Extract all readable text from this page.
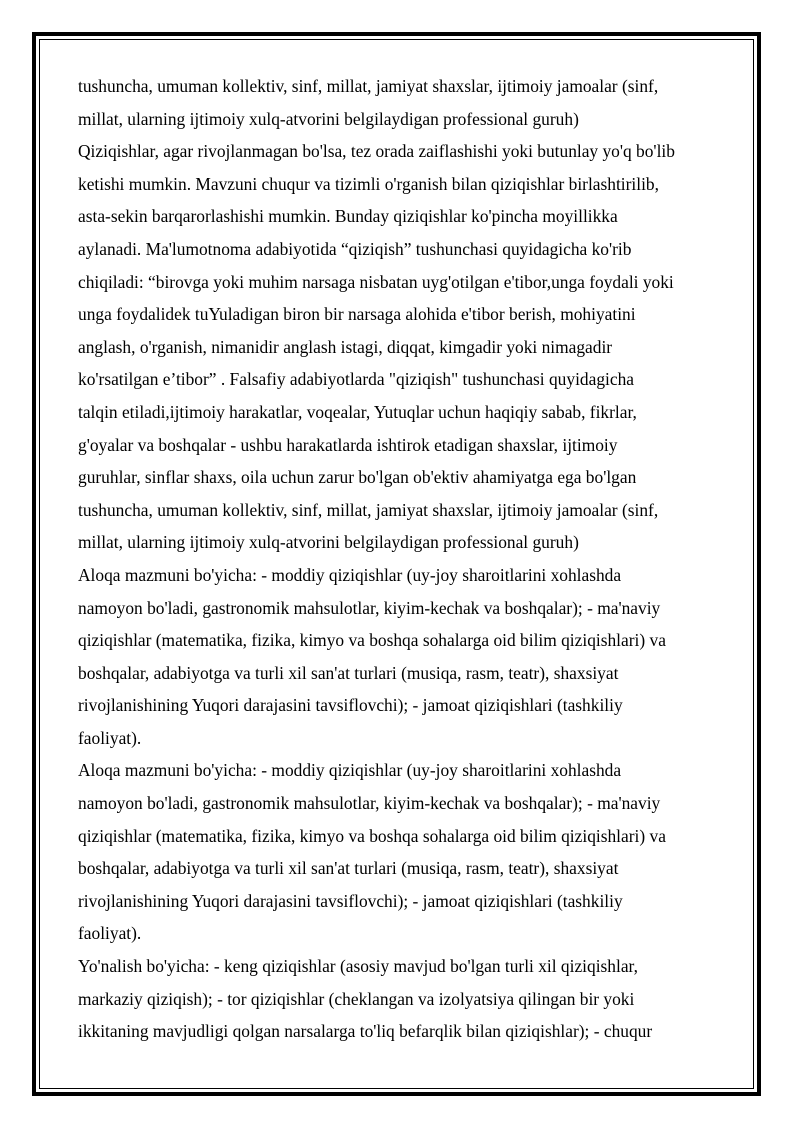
tushuncha, umuman kollektiv, sinf, millat, jamiyat shaxslar, ijtimoiy jamoalar (sinf,
millat, ularning ijtimoiy xulq-atvorini belgilaydigan professional guruh)
Qiziqishlar, agar rivojlanmagan bo'lsa, tez orada zaiflashishi yoki butunlay yo'q bo'lib
ketishi mumkin. Mavzuni chuqur va tizimli o'rganish bilan qiziqishlar birlashtirilib,
asta-sekin barqarorlashishi mumkin. Bunday qiziqishlar ko'pincha moyillikka
aylanadi. Ma'lumotnoma adabiyotida “qiziqish” tushunchasi quyidagicha ko'rib
chiqiladi: “birovga yoki muhim narsaga nisbatan uyg'otilgan e'tibor,unga foydali yoki
unga foydalidek tuYuladigan biron bir narsaga alohida e'tibor berish, mohiyatini
anglash, o'rganish, nimanidir anglash istagi, diqqat, kimgadir yoki nimagadir
ko'rsatilgan e’tibor” . Falsafiy adabiyotlarda "qiziqish" tushunchasi quyidagicha
talqin etiladi,ijtimoiy harakatlar, voqealar, Yutuqlar uchun haqiqiy sabab, fikrlar,
g'oyalar va boshqalar - ushbu harakatlarda ishtirok etadigan shaxslar, ijtimoiy
guruhlar, sinflar shaxs, oila uchun zarur bo'lgan ob'ektiv ahamiyatga ega bo'lgan
tushuncha, umuman kollektiv, sinf, millat, jamiyat shaxslar, ijtimoiy jamoalar (sinf,
millat, ularning ijtimoiy xulq-atvorini belgilaydigan professional guruh)
Aloqa mazmuni bo'yicha: - moddiy qiziqishlar (uy-joy sharoitlarini xohlashda
namoyon bo'ladi, gastronomik mahsulotlar, kiyim-kechak va boshqalar); - ma'naviy
qiziqishlar (matematika, fizika, kimyo va boshqa sohalarga oid bilim qiziqishlari) va
boshqalar, adabiyotga va turli xil san'at turlari (musiqa, rasm, teatr), shaxsiyat
rivojlanishining Yuqori darajasini tavsiflovchi); - jamoat qiziqishlari (tashkiliy
faoliyat).
Aloqa mazmuni bo'yicha: - moddiy qiziqishlar (uy-joy sharoitlarini xohlashda
namoyon bo'ladi, gastronomik mahsulotlar, kiyim-kechak va boshqalar); - ma'naviy
qiziqishlar (matematika, fizika, kimyo va boshqa sohalarga oid bilim qiziqishlari) va
boshqalar, adabiyotga va turli xil san'at turlari (musiqa, rasm, teatr), shaxsiyat
rivojlanishining Yuqori darajasini tavsiflovchi); - jamoat qiziqishlari (tashkiliy
faoliyat).
Yo'nalish bo'yicha: - keng qiziqishlar (asosiy mavjud bo'lgan turli xil qiziqishlar,
markaziy qiziqish); - tor qiziqishlar (cheklangan va izolyatsiya qilingan bir yoki
ikkitaning mavjudligi qolgan narsalarga to'liq befarqlik bilan qiziqishlar); - chuqur
